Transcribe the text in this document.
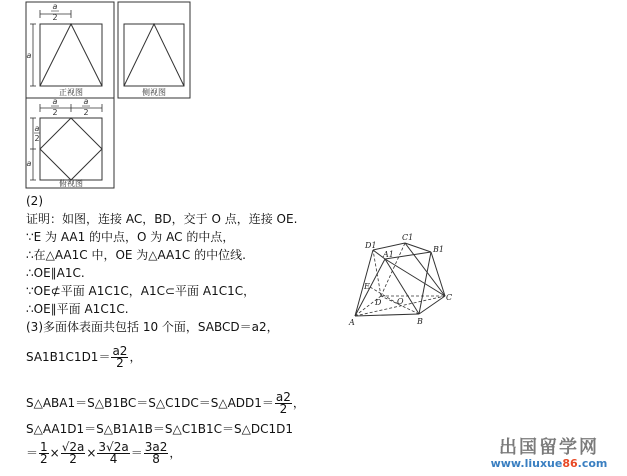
a
2
a
正视图	侧视图
a
2
a
2
a
2
a
俯视图
(2)
证明：如图，连接 AC，BD，交于 O 点，连接 OE.
∵E 为 AA1 的中点，O 为 AC 的中点，
∴在△AA1C 中，OE 为△AA1C 的中位线.
∴OE∥A1C.
∵OE⊄平面 A1C1C，A1C⊂平面 A1C1C，
∴OE∥平面 A1C1C.
(3)多面体表面共包括 10 个面，SABCD＝a2，
$SA1B1C1D1= \frac{a2}{2}$ ，
S△ABA1＝S△B1BC＝S△C1DC＝S△ADD1＝ $\frac{a2}{2}$ ，
S△AA1D1＝S△B1A1B＝S△C1B1C＝S△DC1D1
＝ $\frac{1}{2} \times \frac{√2a}{2} \times \frac{3√2a}{4} = \frac{3a2}{8}$ ，
D1
C1
B1
A1
E
D O	C
A	B
出国留学网
www.liuxue86.com
